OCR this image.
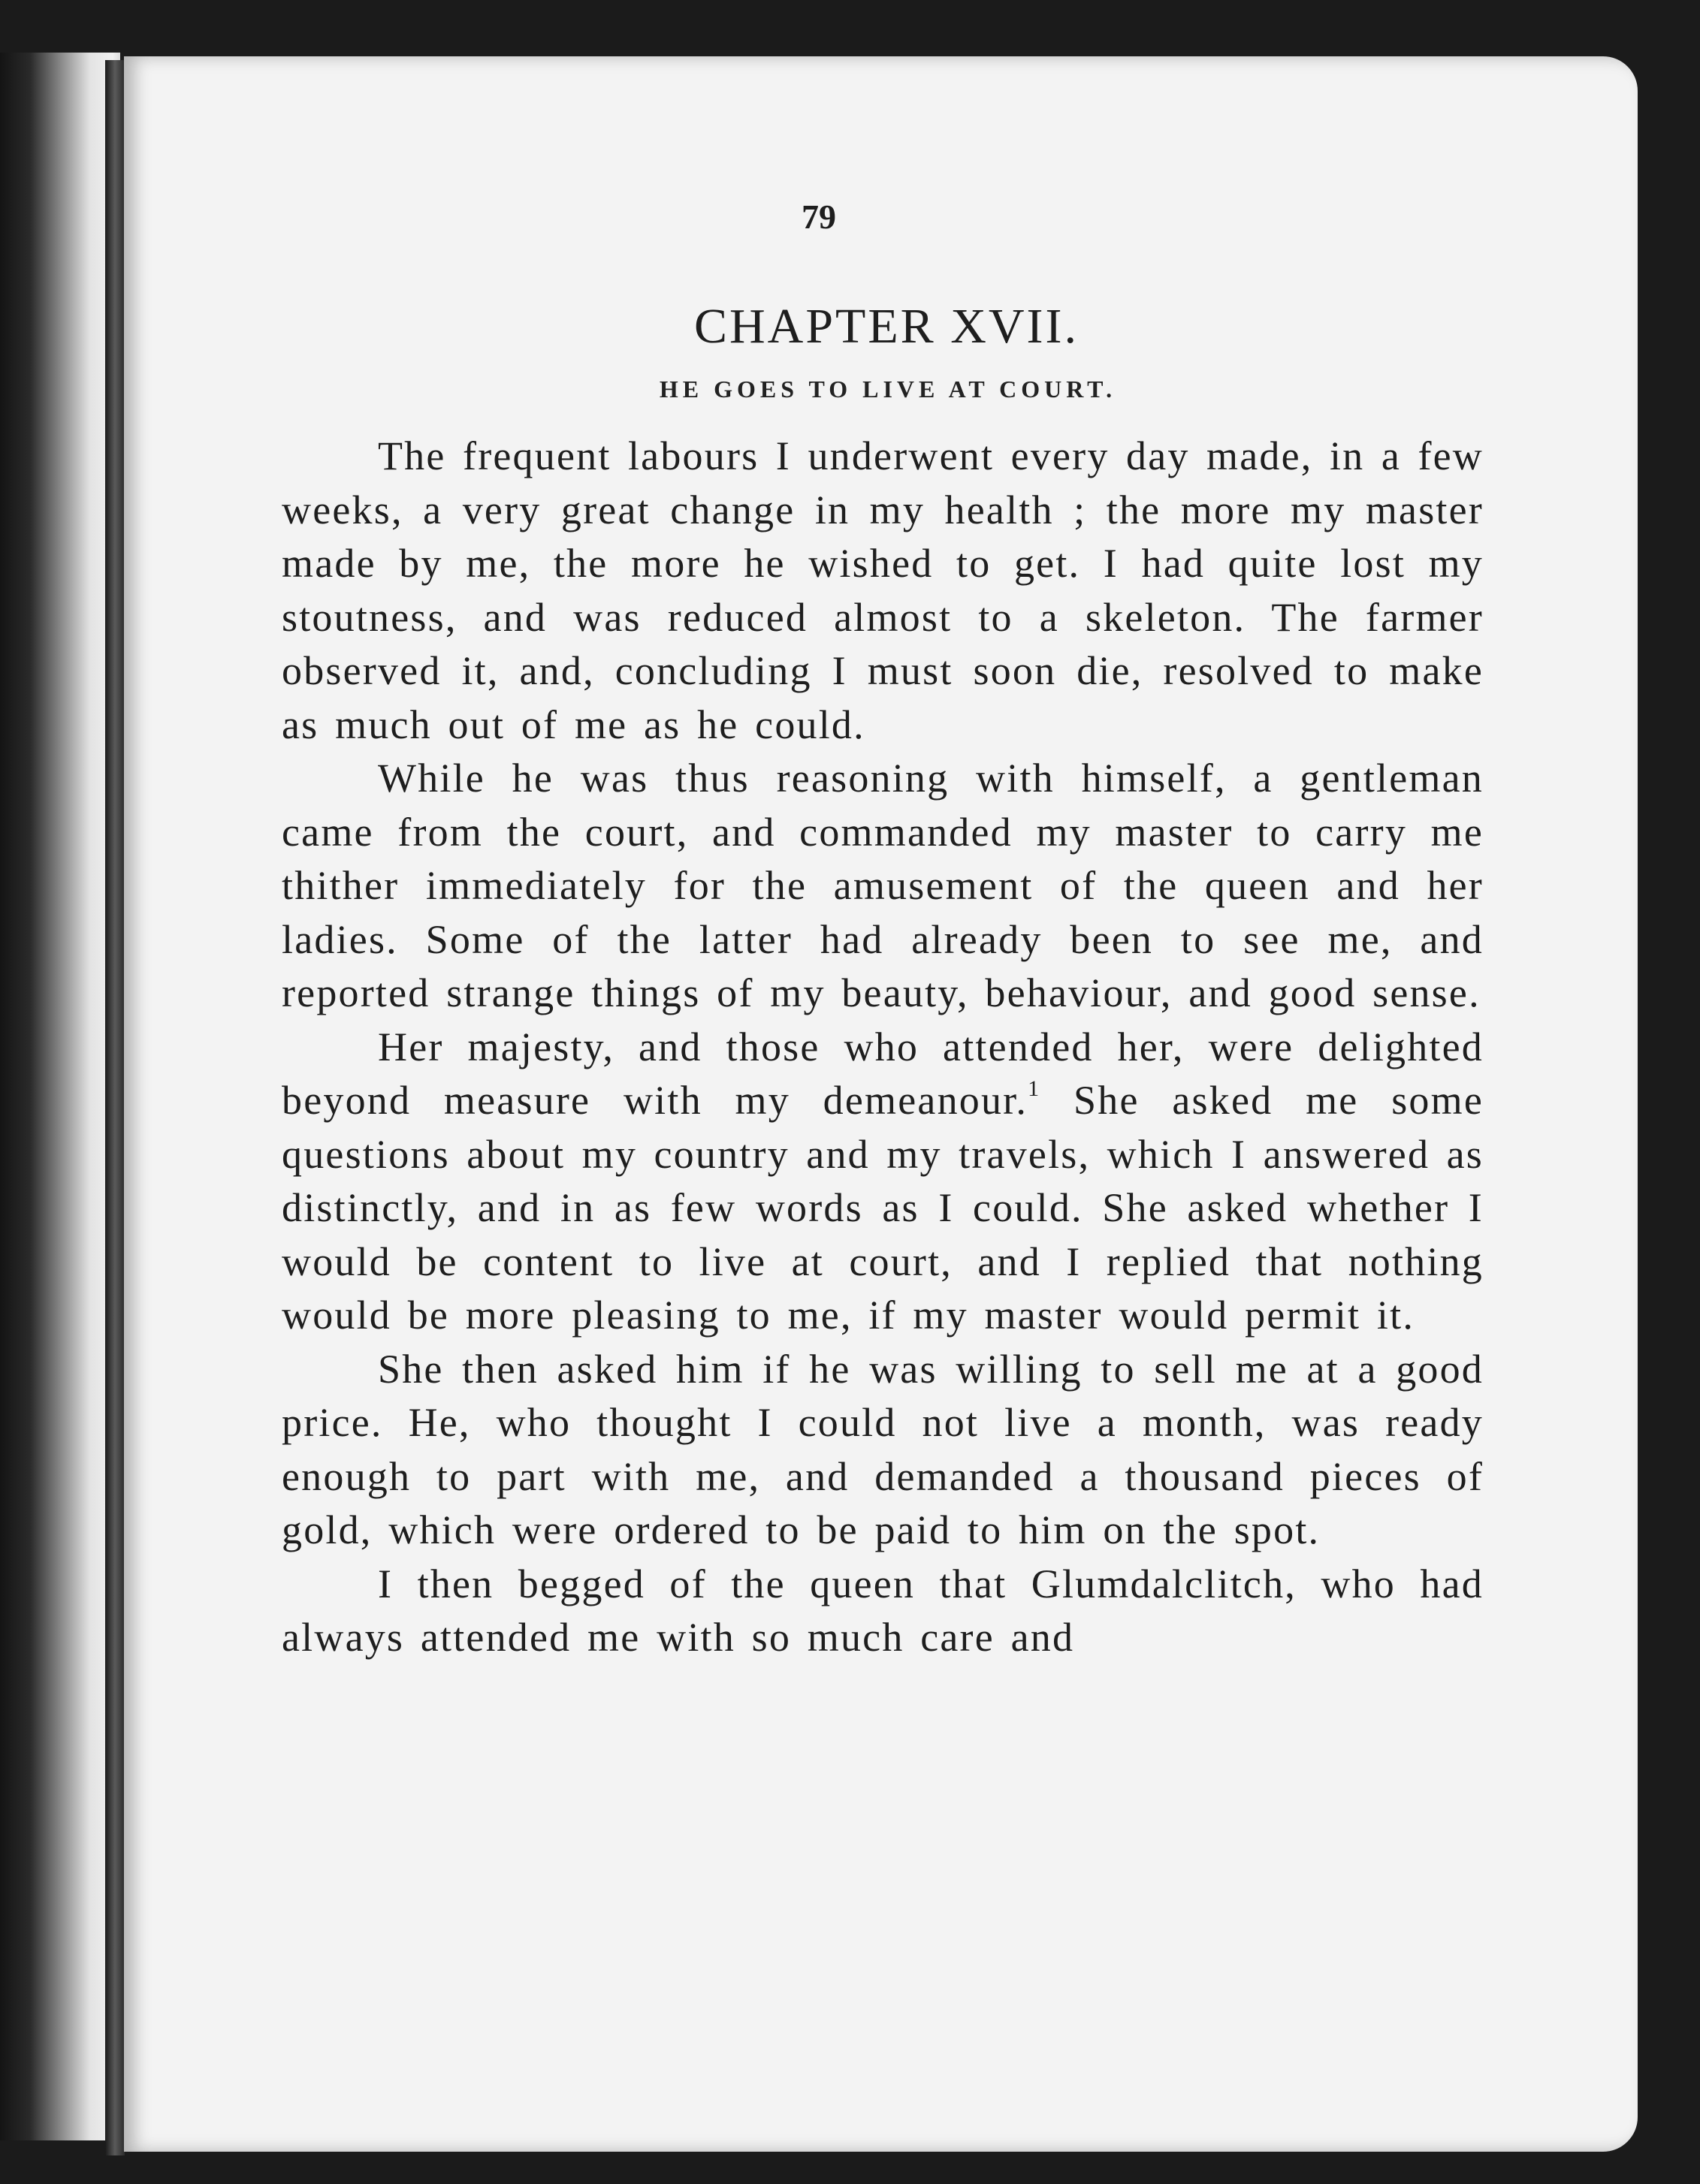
79
CHAPTER XVII.
HE GOES TO LIVE AT COURT.

The frequent labours I underwent every day made, in a few weeks, a very great change in my health ; the more my master made by me, the more he wished to get. I had quite lost my stoutness, and was reduced almost to a skeleton. The farmer observed it, and, concluding I must soon die, resolved to make as much out of me as he could.

While he was thus reasoning with himself, a gentleman came from the court, and commanded my master to carry me thither immediately for the amusement of the queen and her ladies. Some of the latter had already been to see me, and reported strange things of my beauty, behaviour, and good sense.

Her majesty, and those who attended her, were delighted beyond measure with my demeanour.$^1$ She asked me some questions about my country and my travels, which I answered as distinctly, and in as few words as I could. She asked whether I would be content to live at court, and I replied that nothing would be more pleasing to me, if my master would permit it.

She then asked him if he was willing to sell me at a good price. He, who thought I could not live a month, was ready enough to part with me, and demanded a thousand pieces of gold, which were ordered to be paid to him on the spot.

I then begged of the queen that Glumdalclitch, who had always attended me with so much care and
